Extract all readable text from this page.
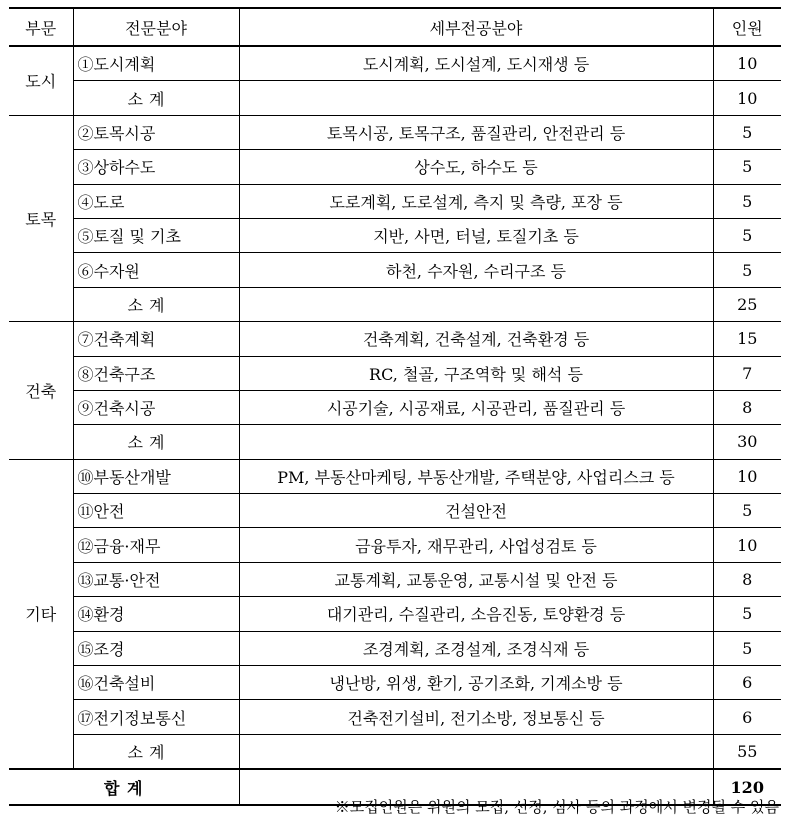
부문	전문분야	세부전공분야	인원
도시	①도시계획	도시계획, 도시설계, 도시재생 등	10
	소 계		10
토목	②토목시공	토목시공, 토목구조, 품질관리, 안전관리 등	5
	③상하수도	상수도, 하수도 등	5
	④도로	도로계획, 도로설계, 측지 및 측량, 포장 등	5
	⑤토질 및 기초	지반, 사면, 터널, 토질기초 등	5
	⑥수자원	하천, 수자원, 수리구조 등	5
	소 계		25
건축	⑦건축계획	건축계획, 건축설계, 건축환경 등	15
	⑧건축구조	RC, 철골, 구조역학 및 해석 등	7
	⑨건축시공	시공기술, 시공재료, 시공관리, 품질관리 등	8
	소 계		30
기타	⑩부동산개발	PM, 부동산마케팅, 부동산개발, 주택분양, 사업리스크 등	10
	⑪안전	건설안전	5
	⑫금융·재무	금융투자, 재무관리, 사업성검토 등	10
	⑬교통·안전	교통계획, 교통운영, 교통시설 및 안전 등	8
	⑭환경	대기관리, 수질관리, 소음진동, 토양환경 등	5
	⑮조경	조경계획, 조경설계, 조경식재 등	5
	⑯건축설비	냉난방, 위생, 환기, 공기조화, 기계소방 등	6
	⑰전기정보통신	건축전기설비, 전기소방, 정보통신 등	6
	소 계		55
합 계			120
※모집인원은 위원의 모집, 선정, 심사 등의 과정에서 변경될 수 있음
